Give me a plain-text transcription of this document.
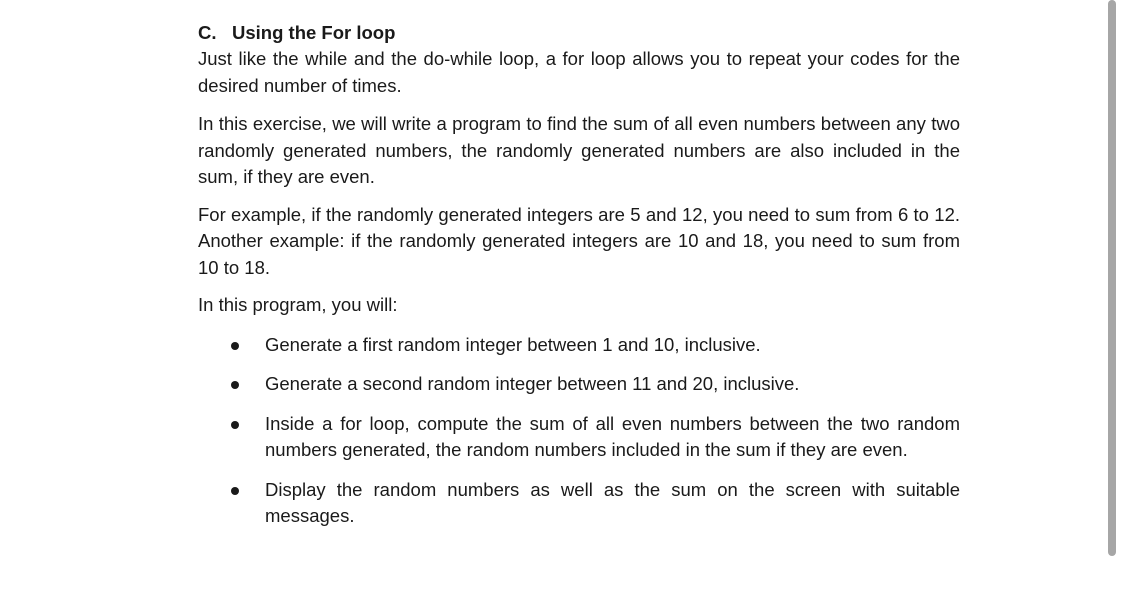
C. Using the For loop

Just like the while and the do-while loop, a for loop allows you to repeat your codes for the desired number of times.

In this exercise, we will write a program to find the sum of all even numbers between any two randomly generated numbers, the randomly generated numbers are also included in the sum, if they are even.

For example, if the randomly generated integers are 5 and 12, you need to sum from 6 to 12. Another example: if the randomly generated integers are 10 and 18, you need to sum from 10 to 18.

In this program, you will:

Generate a first random integer between 1 and 10, inclusive.
Generate a second random integer between 11 and 20, inclusive.
Inside a for loop, compute the sum of all even numbers between the two random numbers generated, the random numbers included in the sum if they are even.
Display the random numbers as well as the sum on the screen with suitable messages.
